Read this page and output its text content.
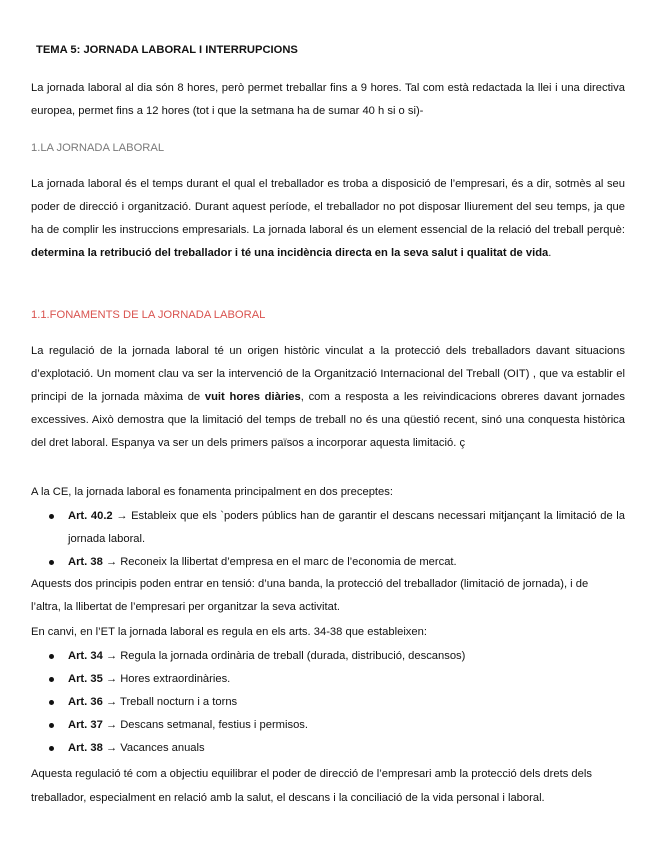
TEMA 5: JORNADA LABORAL I INTERRUPCIONS

La jornada laboral al dia són 8 hores, però permet treballar fins a 9 hores. Tal com està redactada la llei i una directiva europea, permet fins a 12 hores (tot i que la setmana ha de sumar 40 h si o si)-

1.LA JORNADA LABORAL

La jornada laboral és el temps durant el qual el treballador es troba a disposició de l’empresari, és a dir, sotmès al seu poder de direcció i organització. Durant aquest període, el treballador no pot disposar lliurement del seu temps, ja que ha de complir les instruccions empresarials. La jornada laboral és un element essencial de la relació del treball perquè: determina la retribució del treballador i té una incidència directa en la seva salut i qualitat de vida.

1.1.FONAMENTS DE LA JORNADA LABORAL

La regulació de la jornada laboral té un origen històric vinculat a la protecció dels treballadors davant situacions d’explotació. Un moment clau va ser la intervenció de la Organització Internacional del Treball (OIT) , que va establir el principi de la jornada màxima de vuit hores diàries, com a resposta a les reivindicacions obreres davant jornades excessives. Això demostra que la limitació del temps de treball no és una qüestió recent, sinó una conquesta històrica del dret laboral. Espanya va ser un dels primers països a incorporar aquesta limitació. ç

A la CE, la jornada laboral es fonamenta principalment en dos preceptes:
Art. 40.2 → Estableix que els `poders públics han de garantir el descans necessari mitjançant la limitació de la jornada laboral.
Art. 38 → Reconeix la llibertat d’empresa en el marc de l’economia de mercat.
Aquests dos principis poden entrar en tensió: d’una banda, la protecció del treballador (limitació de jornada), i de
l’altra, la llibertat de l’empresari per organitzar la seva activitat.
En canvi, en l’ET la jornada laboral es regula en els arts. 34-38 que estableixen:
Art. 34 → Regula la jornada ordinària de treball (durada, distribució, descansos)
Art. 35 → Hores extraordinàries.
Art. 36 → Treball nocturn i a torns
Art. 37 → Descans setmanal, festius i permisos.
Art. 38 → Vacances anuals
Aquesta regulació té com a objectiu equilibrar el poder de direcció de l’empresari amb la protecció dels drets dels
treballador, especialment en relació amb la salut, el descans i la conciliació de la vida personal i laboral.
